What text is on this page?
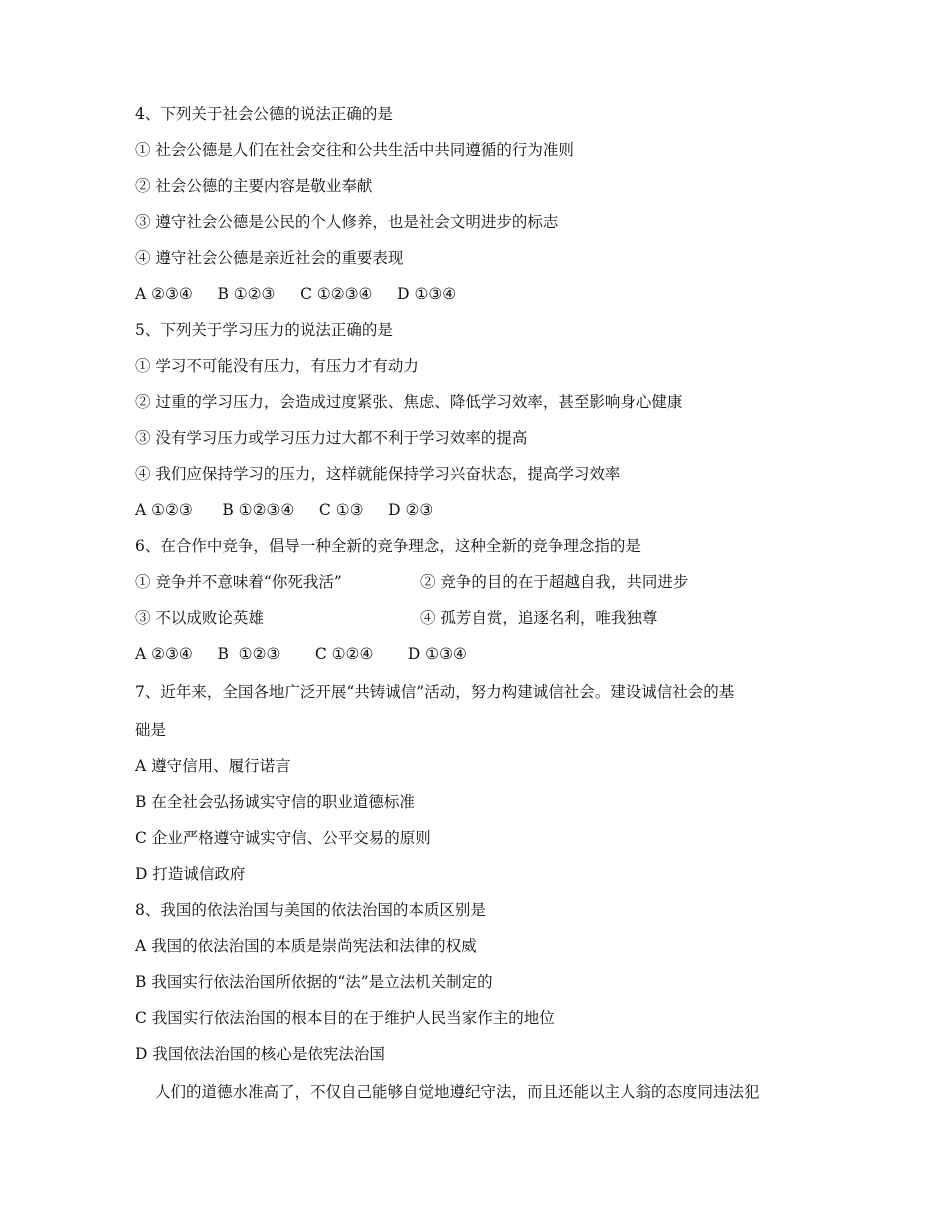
4、下列关于社会公德的说法正确的是
① 社会公德是人们在社会交往和公共生活中共同遵循的行为准则
② 社会公德的主要内容是敬业奉献
③ 遵守社会公德是公民的个人修养，也是社会文明进步的标志
④ 遵守社会公德是亲近社会的重要表现
A ②③④     B ①②③     C ①②③④     D ①③④
5、下列关于学习压力的说法正确的是
① 学习不可能没有压力，有压力才有动力
② 过重的学习压力，会造成过度紧张、焦虑、降低学习效率，甚至影响身心健康
③ 没有学习压力或学习压力过大都不利于学习效率的提高
④ 我们应保持学习的压力，这样就能保持学习兴奋状态，提高学习效率
A ①②③      B ①②③④     C ①③     D ②③
6、在合作中竞争，倡导一种全新的竞争理念，这种全新的竞争理念指的是
① 竞争并不意味着“你死我活”	② 竞争的目的在于超越自我，共同进步
③ 不以成败论英雄	④ 孤芳自赏，追逐名利，唯我独尊
A ②③④     B  ①②③       C ①②④       D ①③④
7、近年来，全国各地广泛开展“共铸诚信”活动，努力构建诚信社会。建设诚信社会的基
础是
A 遵守信用、履行诺言
B 在全社会弘扬诚实守信的职业道德标准
C 企业严格遵守诚实守信、公平交易的原则
D 打造诚信政府
8、我国的依法治国与美国的依法治国的本质区别是
A 我国的依法治国的本质是崇尚宪法和法律的权威
B 我国实行依法治国所依据的“法”是立法机关制定的
C 我国实行依法治国的根本目的在于维护人民当家作主的地位
D 我国依法治国的核心是依宪法治国
人们的道德水准高了，不仅自己能够自觉地遵纪守法，而且还能以主人翁的态度同违法犯
